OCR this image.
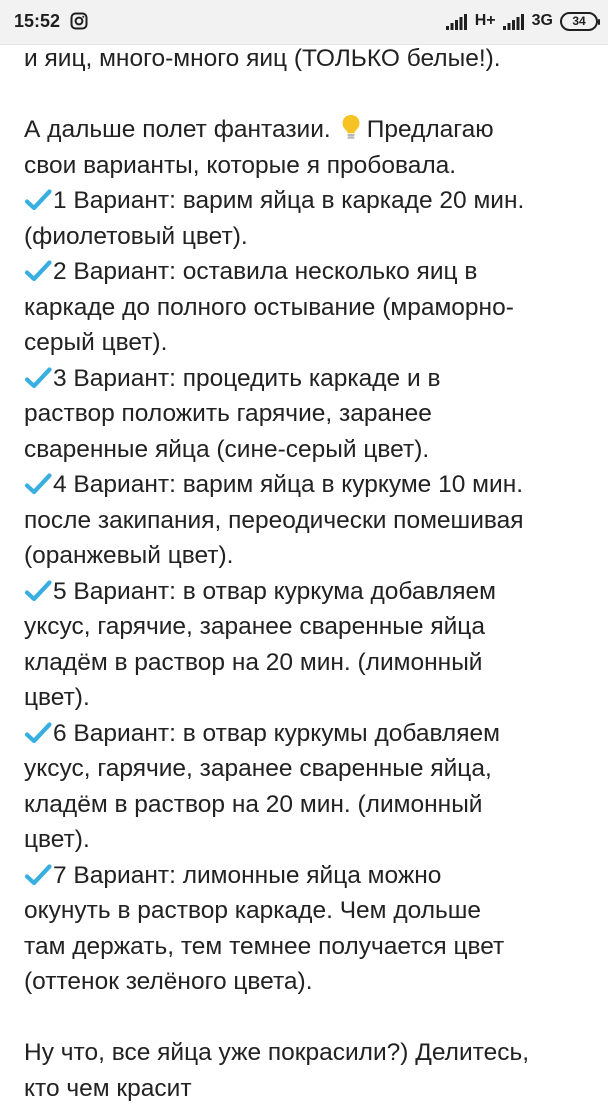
15:52	H+ 3G 34
и яиц, много-много яиц (ТОЛЬКО белые!).
А дальше полет фантазии. Предлагаю
свои варианты, которые я пробовала.
1 Вариант: варим яйца в каркаде 20 мин.
(фиолетовый цвет).
2 Вариант: оставила несколько яиц в
каркаде до полного остывание (мраморно-
серый цвет).
3 Вариант: процедить каркаде и в
раствор положить гарячие, заранее
сваренные яйца (сине-серый цвет).
4 Вариант: варим яйца в куркуме 10 мин.
после закипания, переодически помешивая
(оранжевый цвет).
5 Вариант: в отвар куркума добавляем
уксус, гарячие, заранее сваренные яйца
кладём в раствор на 20 мин. (лимонный
цвет).
6 Вариант: в отвар куркумы добавляем
уксус, гарячие, заранее сваренные яйца,
кладём в раствор на 20 мин. (лимонный
цвет).
7 Вариант: лимонные яйца можно
окунуть в раствор каркаде. Чем дольше
там держать, тем темнее получается цвет
(оттенок зелёного цвета).
Ну что, все яйца уже покрасили?) Делитесь,
кто чем красит
